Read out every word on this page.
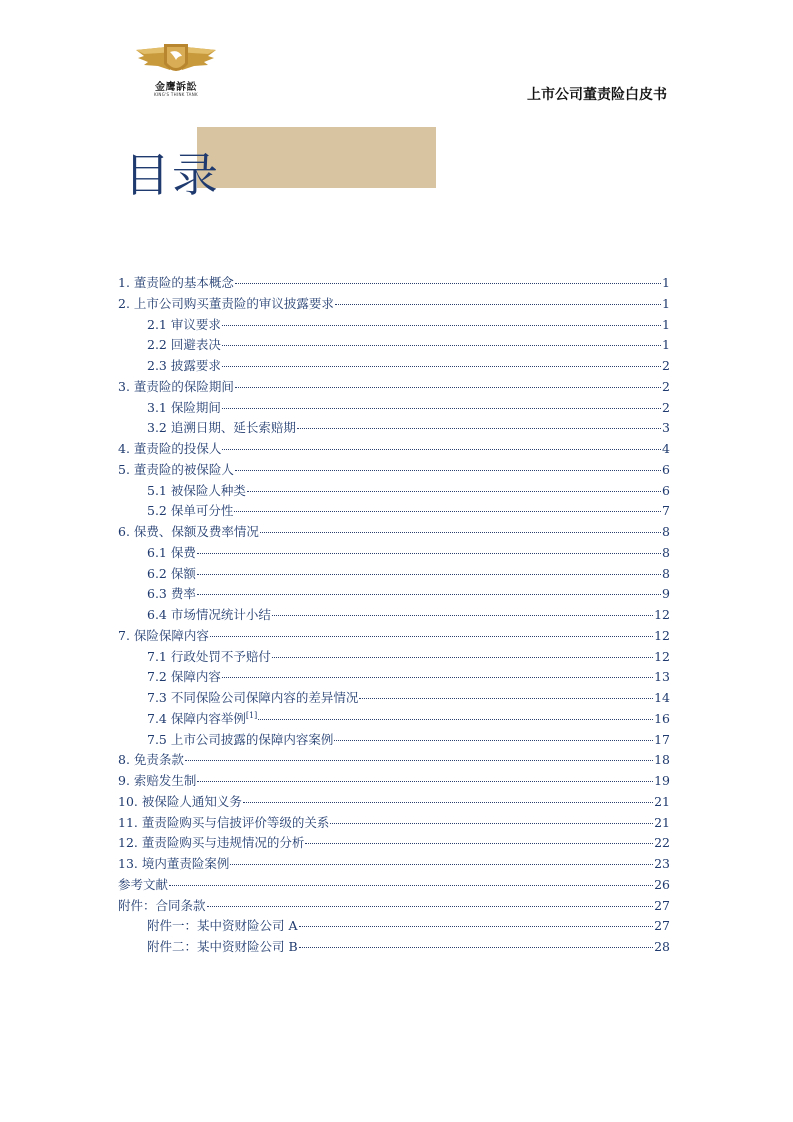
金鹰訴訟
KING'S THINK TANK	上市公司董责险白皮书
目录
1. 董责险的基本概念	1
2. 上市公司购买董责险的审议披露要求	1
2.1 审议要求	1
2.2 回避表决	1
2.3 披露要求	2
3. 董责险的保险期间	2
3.1 保险期间	2
3.2 追溯日期、延长索赔期	3
4. 董责险的投保人	4
5. 董责险的被保险人	6
5.1 被保险人种类	6
5.2 保单可分性	7
6. 保费、保额及费率情况	8
6.1 保费	8
6.2 保额	8
6.3 费率	9
6.4 市场情况统计小结	12
7. 保险保障内容	12
7.1 行政处罚不予赔付	12
7.2 保障内容	13
7.3 不同保险公司保障内容的差异情况	14
7.4 保障内容举例[1]	16
7.5 上市公司披露的保障内容案例	17
8. 免责条款	18
9. 索赔发生制	19
10. 被保险人通知义务	21
11. 董责险购买与信披评价等级的关系	21
12. 董责险购买与违规情况的分析	22
13. 境内董责险案例	23
参考文献	26
附件：合同条款	27
附件一：某中资财险公司 A	27
附件二：某中资财险公司 B	28
